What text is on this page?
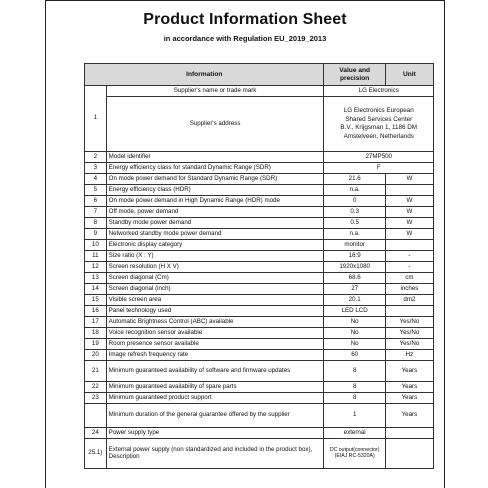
Product Information Sheet
in accordance with Regulation EU_2019_2013
Information		Value and precision	Unit
1	Supplier's name or trade mark	LG Electronics	
	Supplier's address	LG Electronics European Shared Services Center B.V., Krijgsman 1, 1186 DM Amstelveen, Netherlands	
2	Model identifier	27MP500	
3	Energy efficiency class for standard Dynamic Range (SDR)	F	
4	On mode power demand for Standard Dynamic Range (SDR)	21.6	W
5	Energy efficiency class (HDR)	n.a.	
6	On mode power demand in High Dynamic Range (HDR) mode	0	W
7	Off mode, power demand	0.3	W
8	Standby mode power demand	0.5	W
9	Networked standby mode power demand	n.a.	W
10	Electronic display category	monitor	
11	Size ratio (X : Y)	16:9	-
12	Screen resolution (H X V)	1920x1080	-
13	Screen diagonal (Cm)	68.6	cm
14	Screen diagonal (inch)	27	inches
15	Visible screen area	20.1	dm2
16	Panel technology used	LED LCD	
17	Automatic Brightness Control (ABC) available	No	Yes/No
18	Voice recognition sensor available	No	Yes/No
19	Room presence sensor available	No	Yes/No
20	Image refresh frequency rate	60	Hz
21	Minimum guaranteed availability of software and firmware updates	8	Years
22	Minimum guaranteed availability of spare parts	8	Years
23	Minimum guaranteed product support	8	Years
	Minimum duration of the general guarantee offered by the supplier	1	Years
24	Power supply type	external	
25.1)	External power supply (non standardized and included in the product box), Description	DC output(connector) (EIAJ RC-5320A)	
